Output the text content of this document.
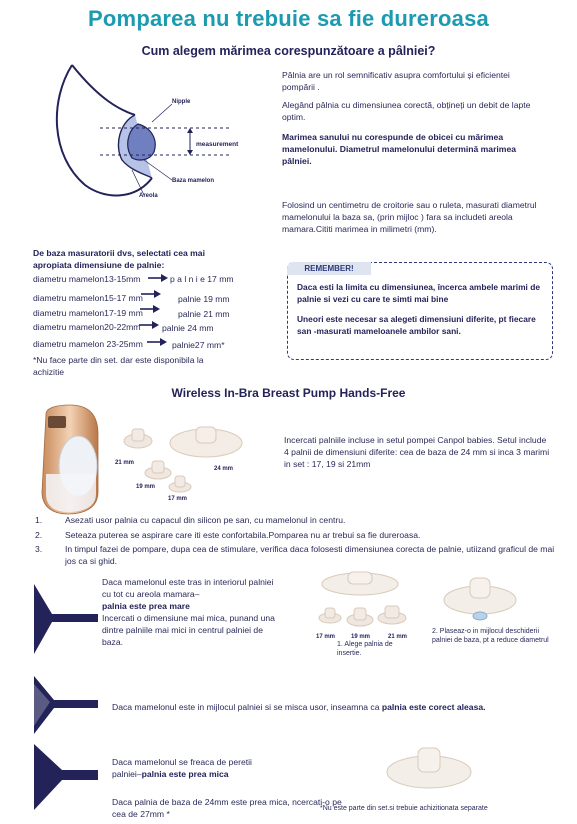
Pomparea nu trebuie sa fie dureroasa
Cum alegem mărimea corespunzătoare a pâlniei?
Nipple
measurement
Baza mamelon
Areola
Pâlnia are un rol semnificativ asupra comfortului și eficientei pompării .
Alegând pâlnia cu dimensiunea corectă, obțineți un debit de lapte optim.
Marimea sanului nu corespunde de obicei cu mărimea mamelonului. Diametrul mamelonului determină marimea pâlniei.
Folosind un centimetru de croitorie sau o ruleta, masurati diametrul mamelonului la baza sa, (prin mijloc ) fara sa includeti areola mamara.Cititi marimea in milimetri (mm).
De baza masuratorii dvs, selectati cea mai apropiata dimensiune de palnie:
diametru mamelon13-15mm	p a l n i e 17 mm
diametru mamelon15-17 mm	palnie 19 mm
diametru mamelon17-19 mm	palnie 21 mm
diametru mamelon20-22mm	palnie 24 mm
diametru mamelon 23-25mm	palnie27 mm*
*Nu face parte din set. dar este disponibila la achizitie
REMEMBER!
Daca esti la limita cu dimensiunea, încerca ambele marimi de palnie si vezi cu care te simti mai bine
Uneori este necesar sa alegeti dimensiuni diferite, pt fiecare san -masurati mameloanele ambilor sani.
Wireless In-Bra Breast Pump Hands-Free
21 mm
24 mm
19 mm
17 mm
Incercati palniile incluse in setul pompei Canpol babies. Setul include 4 palnii de dimensiuni diferite: cea de baza de 24 mm si inca 3 marimi in set : 17, 19 si 21mm
1.	Asezati usor palnia cu capacul din silicon pe san, cu mamelonul in centru.
2.	Seteaza puterea se aspirare care iti este confortabila.Pomparea nu ar trebui sa fie dureroasa.
3.	In timpul fazei de pompare, dupa cea de stimulare, verifica daca folosesti dimensiunea corecta de palnie, utiizand graficul de mai jos ca si ghid.
Daca mamelonul este tras in interiorul palniei cu tot cu areola mamara–
palnia este prea mare
Incercati o dimensiune mai mica, punand una dintre palniile mai mici in centrul palniei de baza.	17 mm	19 mm	21 mm
1. Alege palnia de insertie.
2. Plaseaz-o in mijlocul deschiderii palniei de baza, pt a reduce diametrul
Daca mamelonul este in mijlocul palniei si se misca usor, inseamna ca palnia este corect aleasa.
Daca mamelonul se freaca de peretii palniei–palnia este prea mica
Daca palnia de baza de 24mm este prea mica, ncercati-o pe cea de 27mm *
*Nu este parte din set.si trebuie achizitionata separate
